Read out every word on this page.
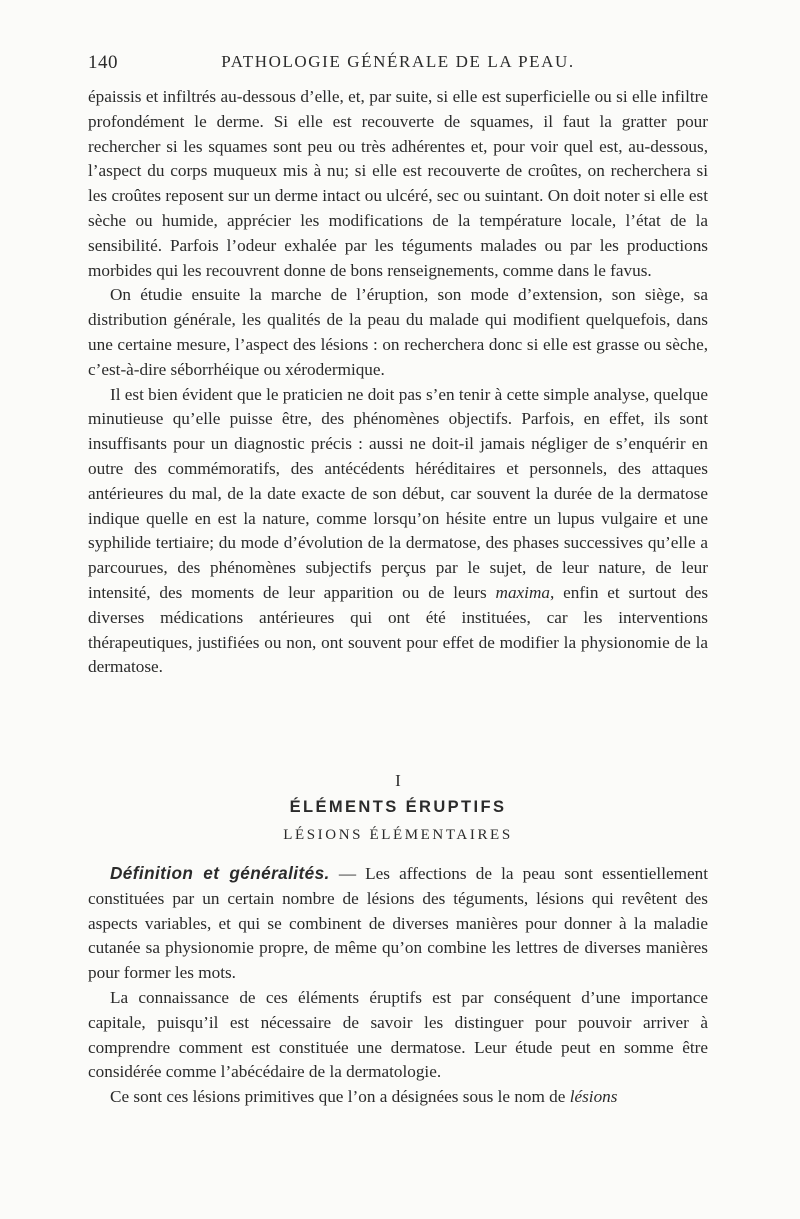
140	PATHOLOGIE GÉNÉRALE DE LA PEAU.

épaissis et infiltrés au-dessous d’elle, et, par suite, si elle est superficielle ou si elle infiltre profondément le derme. Si elle est recouverte de squames, il faut la gratter pour rechercher si les squames sont peu ou très adhérentes et, pour voir quel est, au-dessous, l’aspect du corps muqueux mis à nu; si elle est recouverte de croûtes, on recherchera si les croûtes reposent sur un derme intact ou ulcéré, sec ou suintant. On doit noter si elle est sèche ou humide, apprécier les modifications de la température locale, l’état de la sensibilité. Parfois l’odeur exhalée par les téguments malades ou par les productions morbides qui les recouvrent donne de bons renseignements, comme dans le favus.

On étudie ensuite la marche de l’éruption, son mode d’extension, son siège, sa distribution générale, les qualités de la peau du malade qui modifient quelquefois, dans une certaine mesure, l’aspect des lésions : on recherchera donc si elle est grasse ou sèche, c’est-à-dire séborrhéique ou xérodermique.

Il est bien évident que le praticien ne doit pas s’en tenir à cette simple analyse, quelque minutieuse qu’elle puisse être, des phénomènes objectifs. Parfois, en effet, ils sont insuffisants pour un diagnostic précis : aussi ne doit-il jamais négliger de s’enquérir en outre des commémoratifs, des antécédents héréditaires et personnels, des attaques antérieures du mal, de la date exacte de son début, car souvent la durée de la dermatose indique quelle en est la nature, comme lorsqu’on hésite entre un lupus vulgaire et une syphilide tertiaire; du mode d’évolution de la dermatose, des phases successives qu’elle a parcourues, des phénomènes subjectifs perçus par le sujet, de leur nature, de leur intensité, des moments de leur apparition ou de leurs maxima, enfin et surtout des diverses médications antérieures qui ont été instituées, car les interventions thérapeutiques, justifiées ou non, ont souvent pour effet de modifier la physionomie de la dermatose.

I
ÉLÉMENTS ÉRUPTIFS
LÉSIONS ÉLÉMENTAIRES

Définition et généralités. — Les affections de la peau sont essentiellement constituées par un certain nombre de lésions des téguments, lésions qui revêtent des aspects variables, et qui se combinent de diverses manières pour donner à la maladie cutanée sa physionomie propre, de même qu’on combine les lettres de diverses manières pour former les mots.

La connaissance de ces éléments éruptifs est par conséquent d’une importance capitale, puisqu’il est nécessaire de savoir les distinguer pour pouvoir arriver à comprendre comment est constituée une dermatose. Leur étude peut en somme être considérée comme l’abécédaire de la dermatologie.

Ce sont ces lésions primitives que l’on a désignées sous le nom de lésions
